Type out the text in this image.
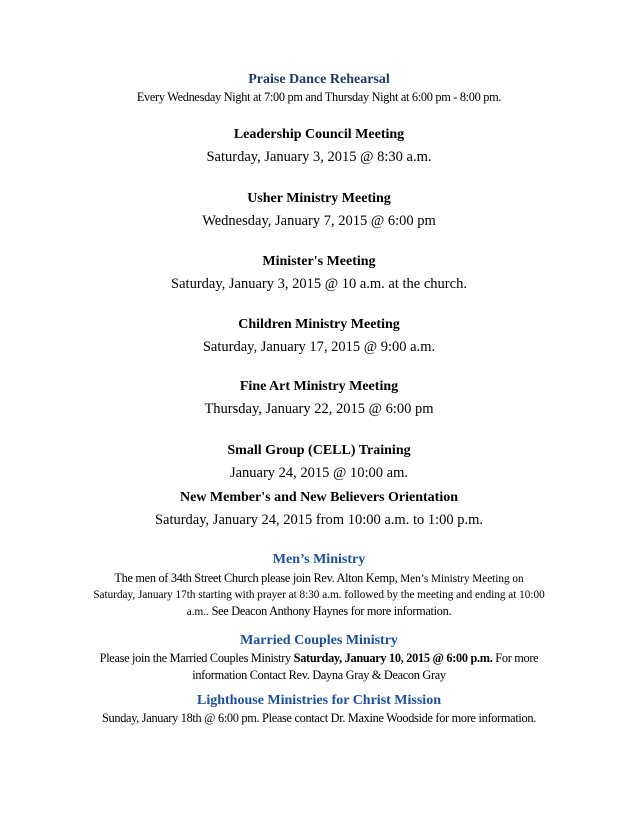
Praise Dance Rehearsal
Every Wednesday Night at 7:00 pm and Thursday Night at 6:00 pm - 8:00 pm.
Leadership Council Meeting
Saturday, January 3, 2015 @ 8:30 a.m.
Usher Ministry Meeting
Wednesday, January 7, 2015 @ 6:00 pm
Minister's Meeting
Saturday, January 3, 2015 @ 10 a.m. at the church.
Children Ministry Meeting
Saturday, January 17, 2015 @ 9:00 a.m.
Fine Art Ministry Meeting
Thursday, January 22, 2015 @ 6:00 pm
Small Group (CELL) Training
January 24, 2015 @ 10:00 am.
New Member's and New Believers Orientation
Saturday, January 24, 2015 from 10:00 a.m. to 1:00 p.m.
Men’s Ministry
The men of 34th Street Church please join Rev. Alton Kemp, Men’s Ministry Meeting on
Saturday, January 17th starting with prayer at 8:30 a.m. followed by the meeting and ending at 10:00
a.m.. See Deacon Anthony Haynes for more information.
Married Couples Ministry
Please join the Married Couples Ministry Saturday, January 10, 2015 @ 6:00 p.m. For more
information Contact Rev. Dayna Gray & Deacon Gray
Lighthouse Ministries for Christ Mission
Sunday, January 18th @ 6:00 pm. Please contact Dr. Maxine Woodside for more information.
